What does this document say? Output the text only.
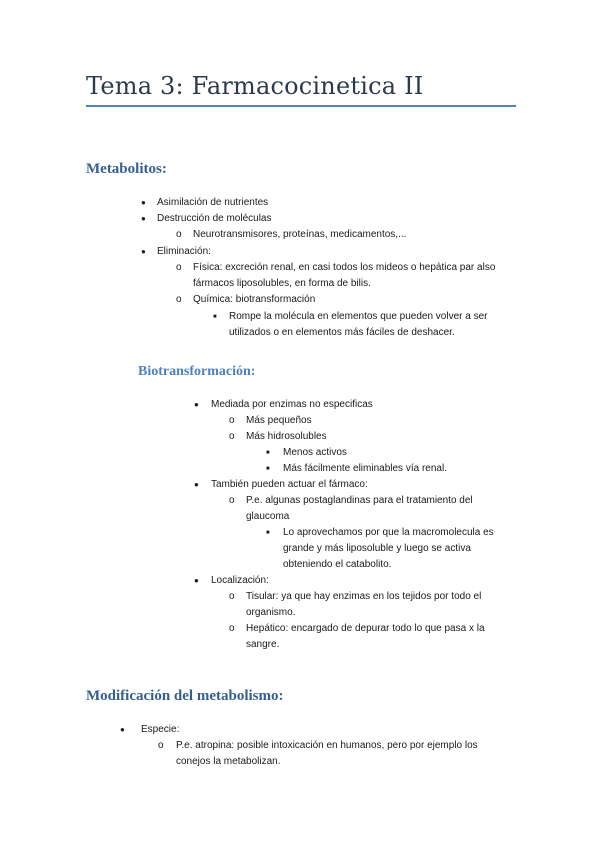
Tema 3: Farmacocinetica II
Metabolitos:
● Asimilación de nutrientes
● Destrucción de moléculas
o Neurotransmisores, proteínas, medicamentos,...
● Eliminación:
o Física: excreción renal, en casi todos los mideos o hepática par also
fármacos liposolubles, en forma de bilis.
o Química: biotransformación
■ Rompe la molécula en elementos que pueden volver a ser
utilizados o en elementos más fáciles de deshacer.
Biotransformación:
● Mediada por enzimas no especificas
o Más pequeños
o Más hidrosolubles
■ Menos activos
■ Más fácilmente eliminables vía renal.
● También pueden actuar el fármaco:
o P.e. algunas postaglandinas para el tratamiento del
glaucoma
■ Lo aprovechamos por que la macromolecula es
grande y más liposoluble y luego se activa
obteniendo el catabolito.
● Localización:
o Tisular: ya que hay enzimas en los tejidos por todo el
organismo.
o Hepático: encargado de depurar todo lo que pasa x la
sangre.
Modificación del metabolismo:
● Especie:
o P.e. atropina: posible intoxicación en humanos, pero por ejemplo los
conejos la metabolizan.
